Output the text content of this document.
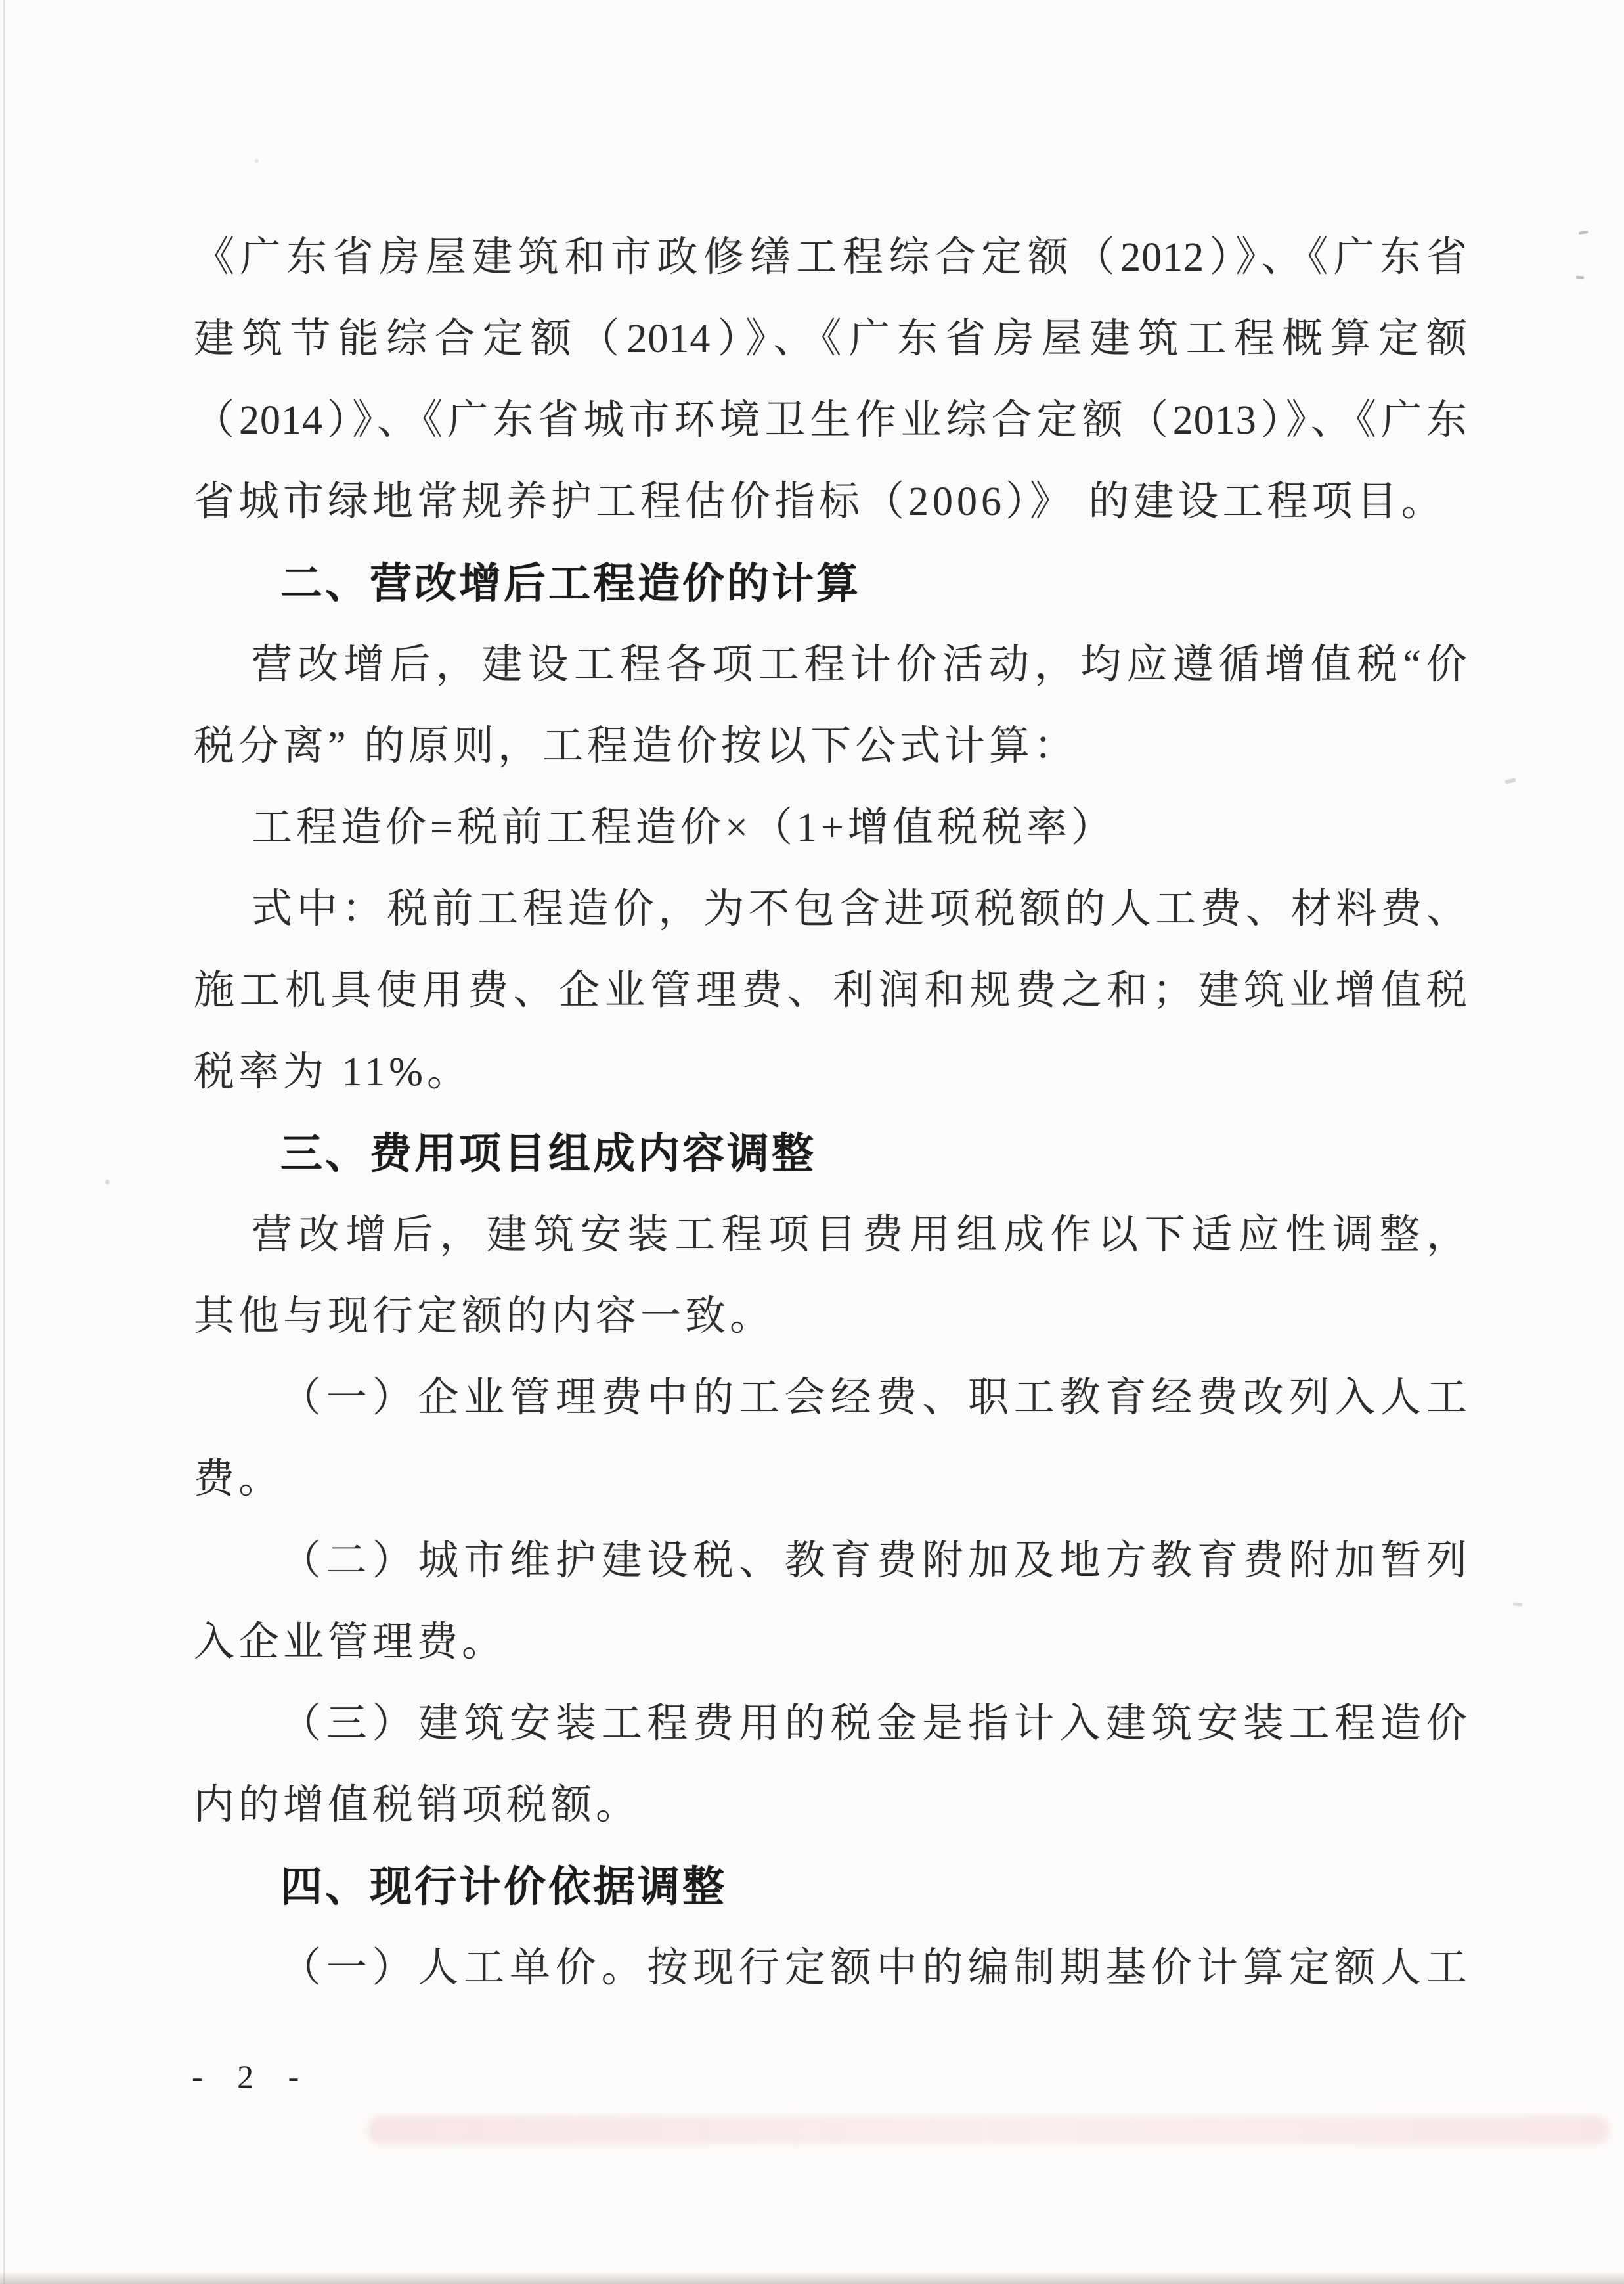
《广东省房屋建筑和市政修缮工程综合定额（2012）》、《广东省
建筑节能综合定额（2014）》、《广东省房屋建筑工程概算定额
（2014）》、《广东省城市环境卫生作业综合定额（2013）》、《广东
省城市绿地常规养护工程估价指标（2006）》 的建设工程项目。
二、营改增后工程造价的计算
营改增后，建设工程各项工程计价活动，均应遵循增值税“价
税分离” 的原则，工程造价按以下公式计算：
工程造价=税前工程造价×（1+增值税税率）
式中：税前工程造价，为不包含进项税额的人工费、材料费、
施工机具使用费、企业管理费、利润和规费之和；建筑业增值税
税率为 11%。
三、费用项目组成内容调整
营改增后，建筑安装工程项目费用组成作以下适应性调整，
其他与现行定额的内容一致。
（一）企业管理费中的工会经费、职工教育经费改列入人工
费。
（二）城市维护建设税、教育费附加及地方教育费附加暂列
入企业管理费。
（三）建筑安装工程费用的税金是指计入建筑安装工程造价
内的增值税销项税额。
四、现行计价依据调整
（一）人工单价。按现行定额中的编制期基价计算定额人工
- 2 -
